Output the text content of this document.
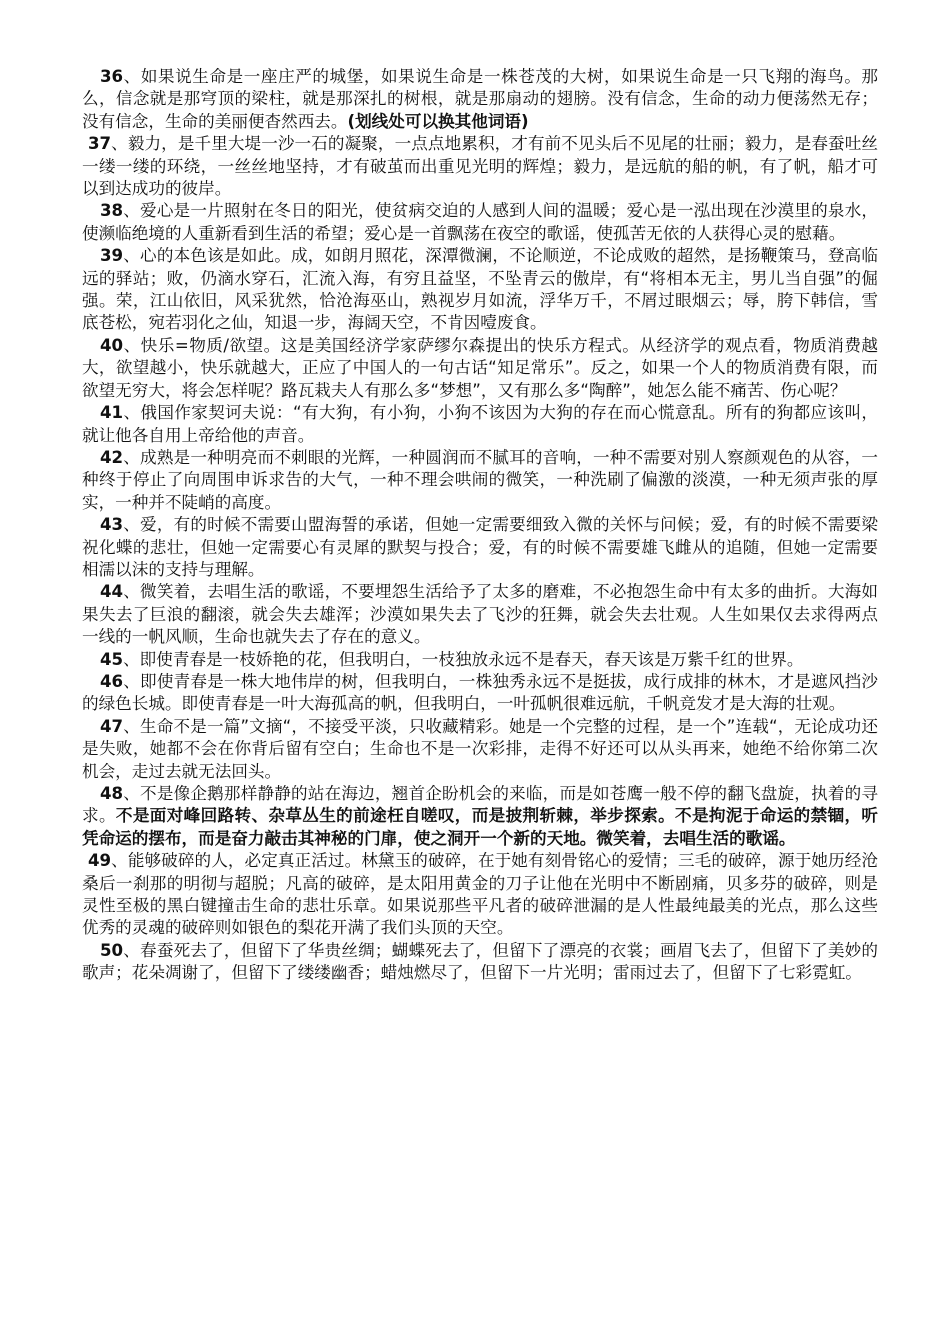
36、如果说生命是一座庄严的城堡，如果说生命是一株苍茂的大树，如果说生命是一只飞翔的海鸟。那么，信念就是那穹顶的梁柱，就是那深扎的树根，就是那扇动的翅膀。没有信念，生命的动力便荡然无存；没有信念，生命的美丽便杳然西去。(划线处可以换其他词语)

37、毅力，是千里大堤一沙一石的凝聚，一点点地累积，才有前不见头后不见尾的壮丽；毅力，是春蚕吐丝一缕一缕的环绕，一丝丝地坚持，才有破茧而出重见光明的辉煌；毅力，是远航的船的帆，有了帆，船才可以到达成功的彼岸。

38、爱心是一片照射在冬日的阳光，使贫病交迫的人感到人间的温暖；爱心是一泓出现在沙漠里的泉水，使濒临绝境的人重新看到生活的希望；爱心是一首飘荡在夜空的歌谣，使孤苦无依的人获得心灵的慰藉。

39、心的本色该是如此。成，如朗月照花，深潭微澜，不论顺逆，不论成败的超然，是扬鞭策马，登高临远的驿站；败，仍滴水穿石，汇流入海，有穷且益坚，不坠青云的傲岸，有“将相本无主，男儿当自强”的倔强。荣，江山依旧，风采犹然，恰沧海巫山，熟视岁月如流，浮华万千，不屑过眼烟云；辱，胯下韩信，雪底苍松，宛若羽化之仙，知退一步，海阔天空，不肯因噎废食。

40、快乐=物质/欲望。这是美国经济学家萨缪尔森提出的快乐方程式。从经济学的观点看，物质消费越大，欲望越小，快乐就越大，正应了中国人的一句古话“知足常乐”。反之，如果一个人的物质消费有限，而欲望无穷大，将会怎样呢？路瓦栽夫人有那么多“梦想”，又有那么多“陶醉”，她怎么能不痛苦、伤心呢？

41、俄国作家契诃夫说：“有大狗，有小狗，小狗不该因为大狗的存在而心慌意乱。所有的狗都应该叫，就让他各自用上帝给他的声音。

42、成熟是一种明亮而不刺眼的光辉，一种圆润而不腻耳的音响，一种不需要对别人察颜观色的从容，一种终于停止了向周围申诉求告的大气，一种不理会哄闹的微笑，一种洗刷了偏激的淡漠，一种无须声张的厚实，一种并不陡峭的高度。

43、爱，有的时候不需要山盟海誓的承诺，但她一定需要细致入微的关怀与问候；爱，有的时候不需要梁祝化蝶的悲壮，但她一定需要心有灵犀的默契与投合；爱，有的时候不需要雄飞雌从的追随，但她一定需要相濡以沫的支持与理解。

44、微笑着，去唱生活的歌谣，不要埋怨生活给予了太多的磨难，不必抱怨生命中有太多的曲折。大海如果失去了巨浪的翻滚，就会失去雄浑；沙漠如果失去了飞沙的狂舞，就会失去壮观。人生如果仅去求得两点一线的一帆风顺，生命也就失去了存在的意义。

45、即使青春是一枝娇艳的花，但我明白，一枝独放永远不是春天，春天该是万紫千红的世界。

46、即使青春是一株大地伟岸的树，但我明白，一株独秀永远不是挺拔，成行成排的林木，才是遮风挡沙的绿色长城。即使青春是一叶大海孤高的帆，但我明白，一叶孤帆很难远航，千帆竞发才是大海的壮观。

47、生命不是一篇”文摘“，不接受平淡，只收藏精彩。她是一个完整的过程，是一个”连载“，无论成功还是失败，她都不会在你背后留有空白；生命也不是一次彩排，走得不好还可以从头再来，她绝不给你第二次机会，走过去就无法回头。

48、不是像企鹅那样静静的站在海边，翘首企盼机会的来临，而是如苍鹰一般不停的翻飞盘旋，执着的寻求。不是面对峰回路转、杂草丛生的前途枉自嗟叹，而是披荆斩棘，举步探索。不是拘泥于命运的禁锢，听凭命运的摆布，而是奋力敲击其神秘的门扉，使之洞开一个新的天地。微笑着，去唱生活的歌谣。

49、能够破碎的人，必定真正活过。林黛玉的破碎，在于她有刻骨铭心的爱情；三毛的破碎，源于她历经沧桑后一刹那的明彻与超脱；凡高的破碎，是太阳用黄金的刀子让他在光明中不断剧痛，贝多芬的破碎，则是灵性至极的黑白键撞击生命的悲壮乐章。如果说那些平凡者的破碎泄漏的是人性最纯最美的光点，那么这些优秀的灵魂的破碎则如银色的梨花开满了我们头顶的天空。

50、春蚕死去了，但留下了华贵丝绸；蝴蝶死去了，但留下了漂亮的衣裳；画眉飞去了，但留下了美妙的歌声；花朵凋谢了，但留下了缕缕幽香；蜡烛燃尽了，但留下一片光明；雷雨过去了，但留下了七彩霓虹。
